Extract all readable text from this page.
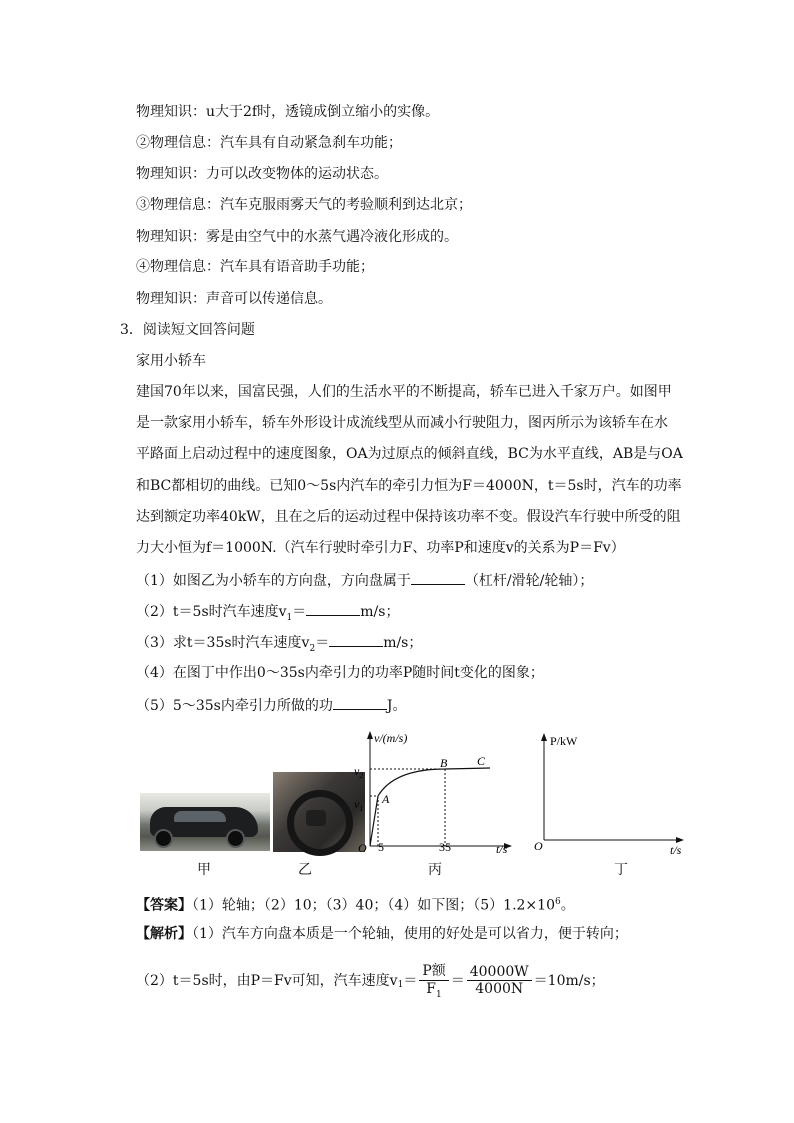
物理知识：u大于2f时，透镜成倒立缩小的实像。
②物理信息：汽车具有自动紧急刹车功能；
物理知识：力可以改变物体的运动状态。
③物理信息：汽车克服雨雾天气的考验顺利到达北京；
物理知识：雾是由空气中的水蒸气遇冷液化形成的。
④物理信息：汽车具有语音助手功能；
物理知识：声音可以传递信息。
3．阅读短文回答问题
家用小轿车
建国70年以来，国富民强，人们的生活水平的不断提高，轿车已进入千家万户。如图甲
是一款家用小轿车，轿车外形设计成流线型从而减小行驶阻力，图丙所示为该轿车在水
平路面上启动过程中的速度图象，OA为过原点的倾斜直线，BC为水平直线，AB是与OA
和BC都相切的曲线。已知0～5s内汽车的牵引力恒为F＝4000N，t＝5s时，汽车的功率
达到额定功率40kW，且在之后的运动过程中保持该功率不变。假设汽车行驶中所受的阻
力大小恒为f＝1000N.（汽车行驶时牵引力F、功率P和速度v的关系为P＝Fv）
（1）如图乙为小轿车的方向盘，方向盘属于	（杠杆/滑轮/轮轴）；
（2）t＝5s时汽车速度$v_1=$	m/s；
（3）求t＝35s时汽车速度$v_2=$	m/s；
（4）在图丁中作出0～35s内牵引力的功率P随时间t变化的图象；
（5）5～35s内牵引力所做的功	J。
甲	乙	丙	丁
v/(m/s)
t/s
O
$v_1$
$v_2$
A
B C
5	35
P/kW
t/s
O
【答案】（1）轮轴；（2）10；（3）40；（4）如下图；$(5)1.2\times 10^6$。
【解析】（1）汽车方向盘本质是一个轮轴，使用的好处是可以省力，便于转向；
（2）t＝5s时，由P＝Fv可知，汽车速度$v_1$ ＝
P额
$F_1$
＝ $\frac{40000W}{4000N} =10m/s$；
